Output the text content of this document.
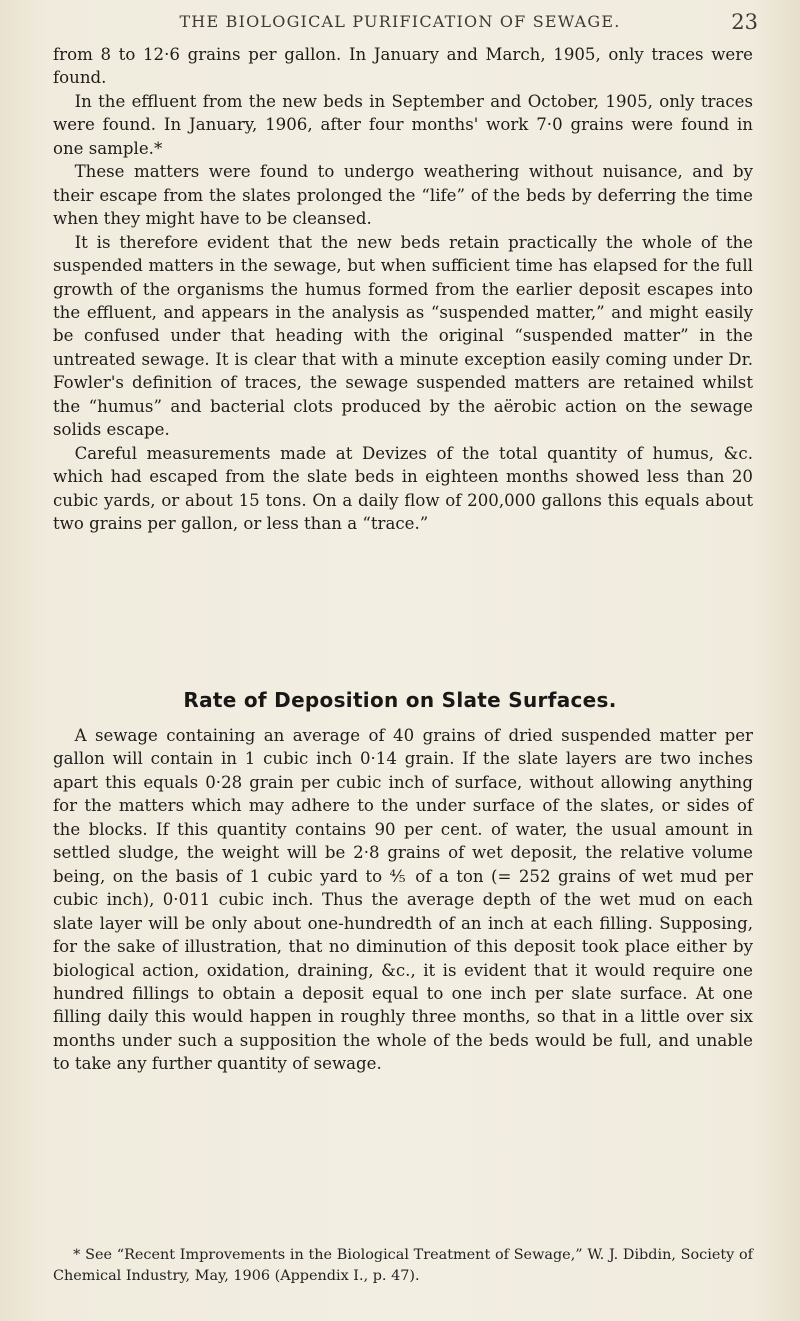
THE BIOLOGICAL PURIFICATION OF SEWAGE.	23

from 8 to 12·6 grains per gallon. In January and March, 1905, only traces were found.

In the effluent from the new beds in September and October, 1905, only traces were found. In January, 1906, after four months' work 7·0 grains were found in one sample.*

These matters were found to undergo weathering without nuisance, and by their escape from the slates prolonged the “life” of the beds by deferring the time when they might have to be cleansed.

It is therefore evident that the new beds retain practically the whole of the suspended matters in the sewage, but when sufficient time has elapsed for the full growth of the organisms the humus formed from the earlier deposit escapes into the effluent, and appears in the analysis as “suspended matter,” and might easily be confused under that heading with the original “suspended matter” in the untreated sewage. It is clear that with a minute exception easily coming under Dr. Fowler's definition of traces, the sewage suspended matters are retained whilst the “humus” and bacterial clots produced by the aërobic action on the sewage solids escape.

Careful measurements made at Devizes of the total quantity of humus, &c. which had escaped from the slate beds in eighteen months showed less than 20 cubic yards, or about 15 tons. On a daily flow of 200,000 gallons this equals about two grains per gallon, or less than a “trace.”

Rate of Deposition on Slate Surfaces.

A sewage containing an average of 40 grains of dried suspended matter per gallon will contain in 1 cubic inch 0·14 grain. If the slate layers are two inches apart this equals 0·28 grain per cubic inch of surface, without allowing anything for the matters which may adhere to the under surface of the slates, or sides of the blocks. If this quantity contains 90 per cent. of water, the usual amount in settled sludge, the weight will be 2·8 grains of wet deposit, the relative volume being, on the basis of 1 cubic yard to ⅘ of a ton (= 252 grains of wet mud per cubic inch), 0·011 cubic inch. Thus the average depth of the wet mud on each slate layer will be only about one-hundredth of an inch at each filling. Supposing, for the sake of illustration, that no diminution of this deposit took place either by biological action, oxidation, draining, &c., it is evident that it would require one hundred fillings to obtain a deposit equal to one inch per slate surface. At one filling daily this would happen in roughly three months, so that in a little over six months under such a supposition the whole of the beds would be full, and unable to take any further quantity of sewage.

* See “Recent Improvements in the Biological Treatment of Sewage,” W. J. Dibdin, Society of Chemical Industry, May, 1906 (Appendix I., p. 47).
